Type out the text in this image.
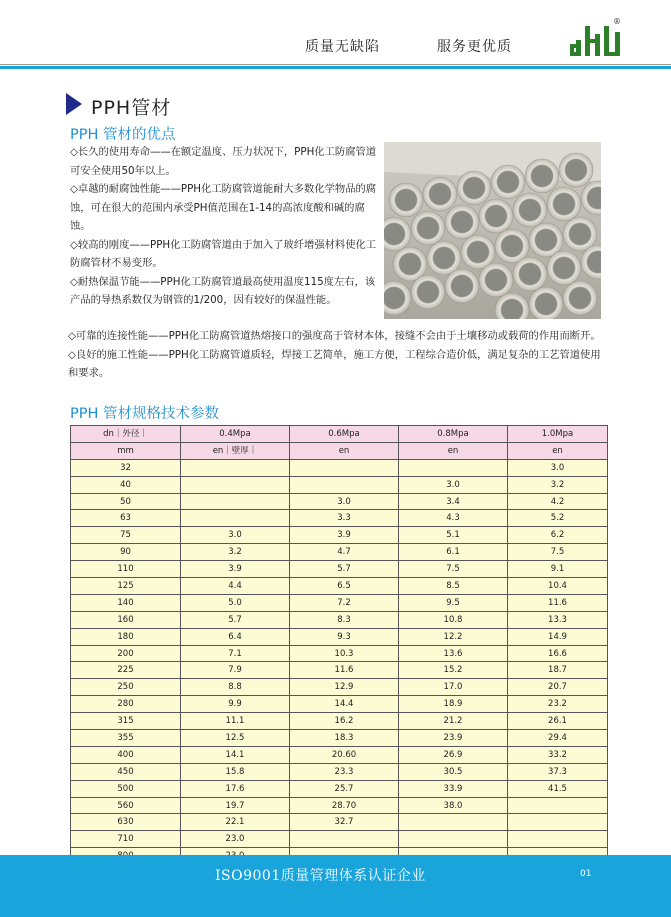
质量无缺陷	服务更优质
®
PPH管材
PPH 管材的优点
◇长久的使用寿命——在额定温度、压力状况下，PPH化工防腐管道可安全使用50年以上。
◇卓越的耐腐蚀性能——PPH化工防腐管道能耐大多数化学物品的腐蚀，可在很大的范围内承受PH值范围在1-14的高浓度酸和碱的腐蚀。
◇较高的刚度——PPH化工防腐管道由于加入了玻纤增强材料使化工防腐管材不易变形。
◇耐热保温节能——PPH化工防腐管道最高使用温度115度左右，该产品的导热系数仅为钢管的1/200，因有较好的保温性能。
◇可靠的连接性能——PPH化工防腐管道热熔接口的强度高于管材本体，接缝不会由于土壤移动或载荷的作用而断开。
◇良好的施工性能——PPH化工防腐管道质轻，焊接工艺简单，施工方便，工程综合造价低，满足复杂的工艺管道使用和要求。
PPH 管材规格技术参数
dn｜外径｜	0.4Mpa	0.6Mpa	0.8Mpa	1.0Mpa
mm	en｜壁厚｜	en	en	en
32				3.0
40			3.0	3.2
50		3.0	3.4	4.2
63		3.3	4.3	5.2
75	3.0	3.9	5.1	6.2
90	3.2	4.7	6.1	7.5
110	3.9	5.7	7.5	9.1
125	4.4	6.5	8.5	10.4
140	5.0	7.2	9.5	11.6
160	5.7	8.3	10.8	13.3
180	6.4	9.3	12.2	14.9
200	7.1	10.3	13.6	16.6
225	7.9	11.6	15.2	18.7
250	8.8	12.9	17.0	20.7
280	9.9	14.4	18.9	23.2
315	11.1	16.2	21.2	26.1
355	12.5	18.3	23.9	29.4
400	14.1	20.60	26.9	33.2
450	15.8	23.3	30.5	37.3
500	17.6	25.7	33.9	41.5
560	19.7	28.70	38.0	
630	22.1	32.7		
710	23.0			

ISO9001质量管理体系认证企业	01
